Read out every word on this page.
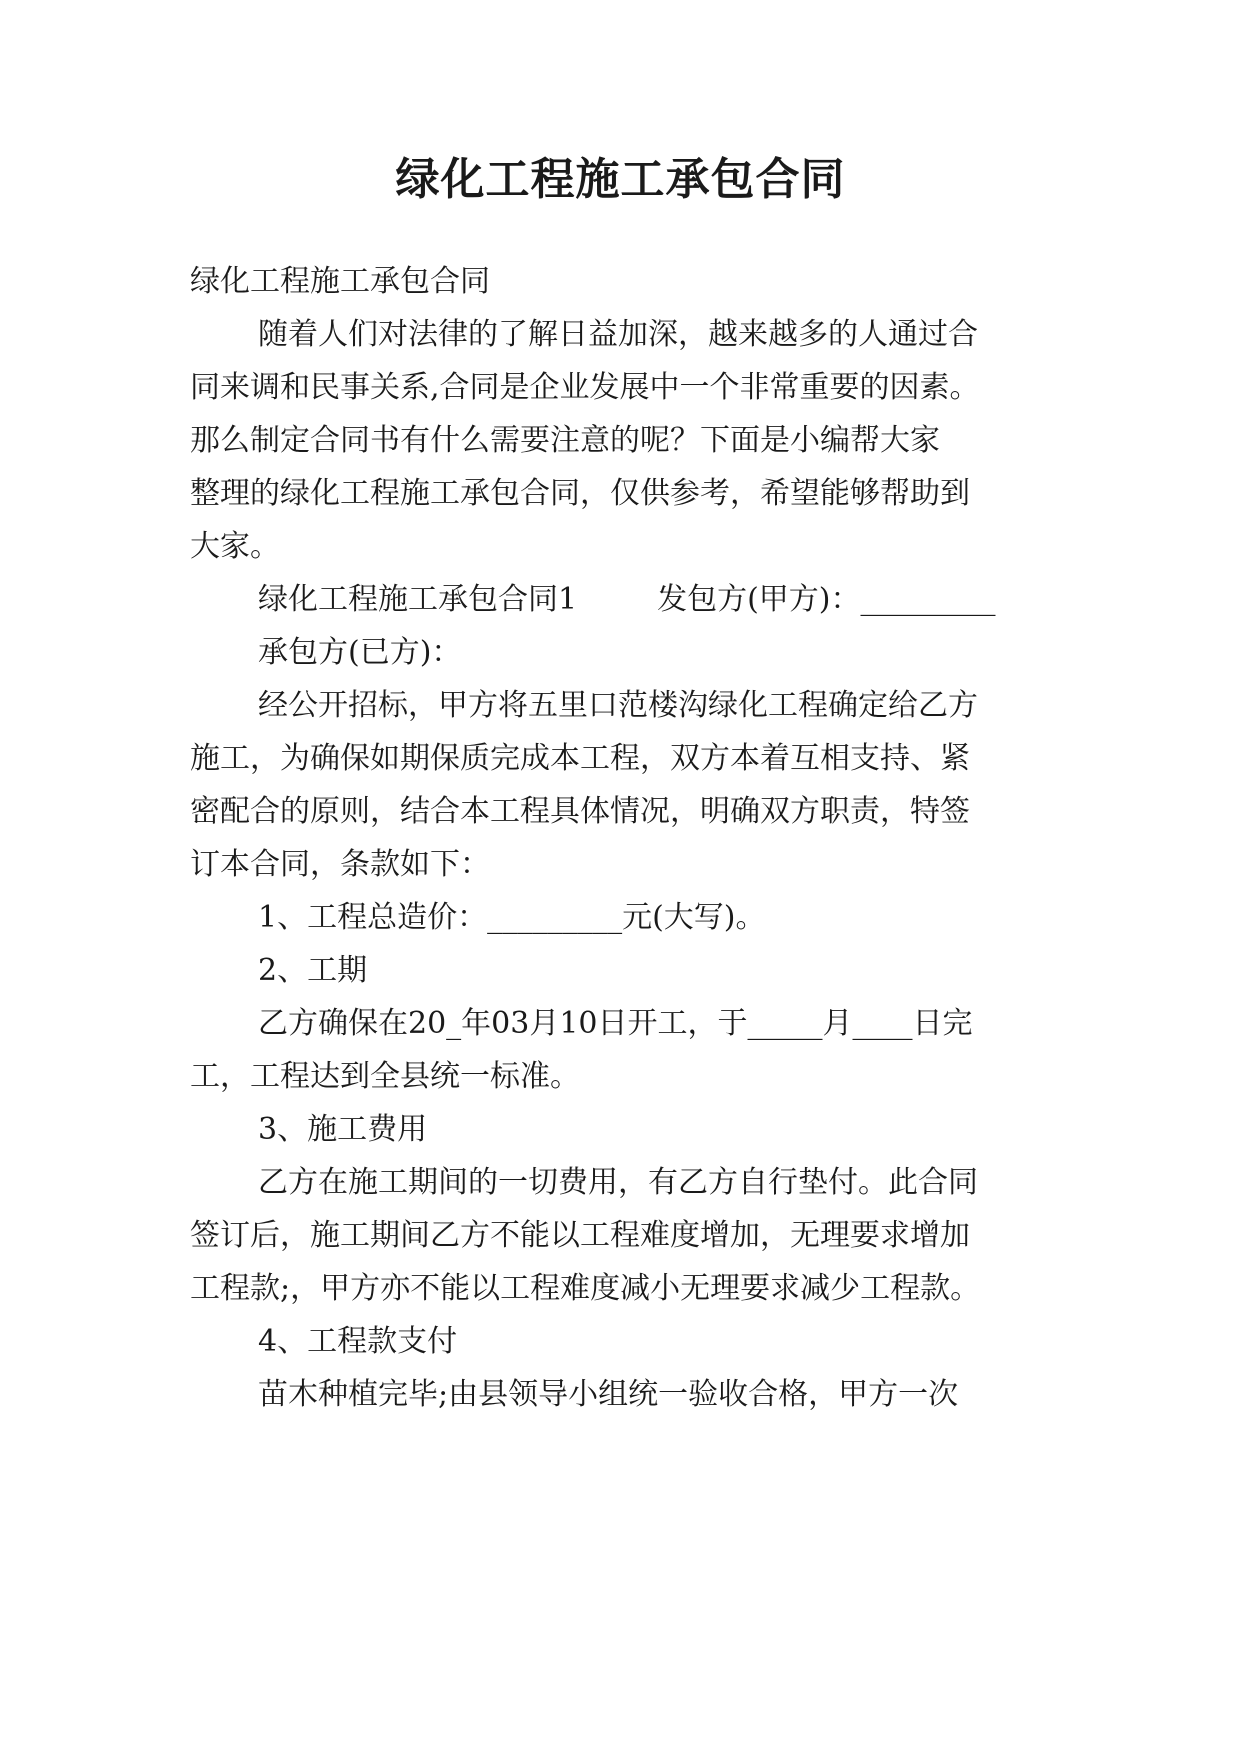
绿化工程施工承包合同

绿化工程施工承包合同

随着人们对法律的了解日益加深，越来越多的人通过合

同来调和民事关系,合同是企业发展中一个非常重要的因素。

那么制定合同书有什么需要注意的呢？下面是小编帮大家

整理的绿化工程施工承包合同，仅供参考，希望能够帮助到

大家。

绿化工程施工承包合同1	发包方(甲方)：_________

承包方(已方)：

经公开招标，甲方将五里口范楼沟绿化工程确定给乙方

施工，为确保如期保质完成本工程，双方本着互相支持、紧

密配合的原则，结合本工程具体情况，明确双方职责，特签

订本合同，条款如下：

1、工程总造价：_________元(大写)。

2、工期

乙方确保在20_年03月10日开工，于_____月____日完

工，工程达到全县统一标准。

3、施工费用

乙方在施工期间的一切费用，有乙方自行垫付。此合同

签订后，施工期间乙方不能以工程难度增加，无理要求增加

工程款;，甲方亦不能以工程难度减小无理要求减少工程款。

4、工程款支付

苗木种植完毕;由县领导小组统一验收合格，甲方一次
